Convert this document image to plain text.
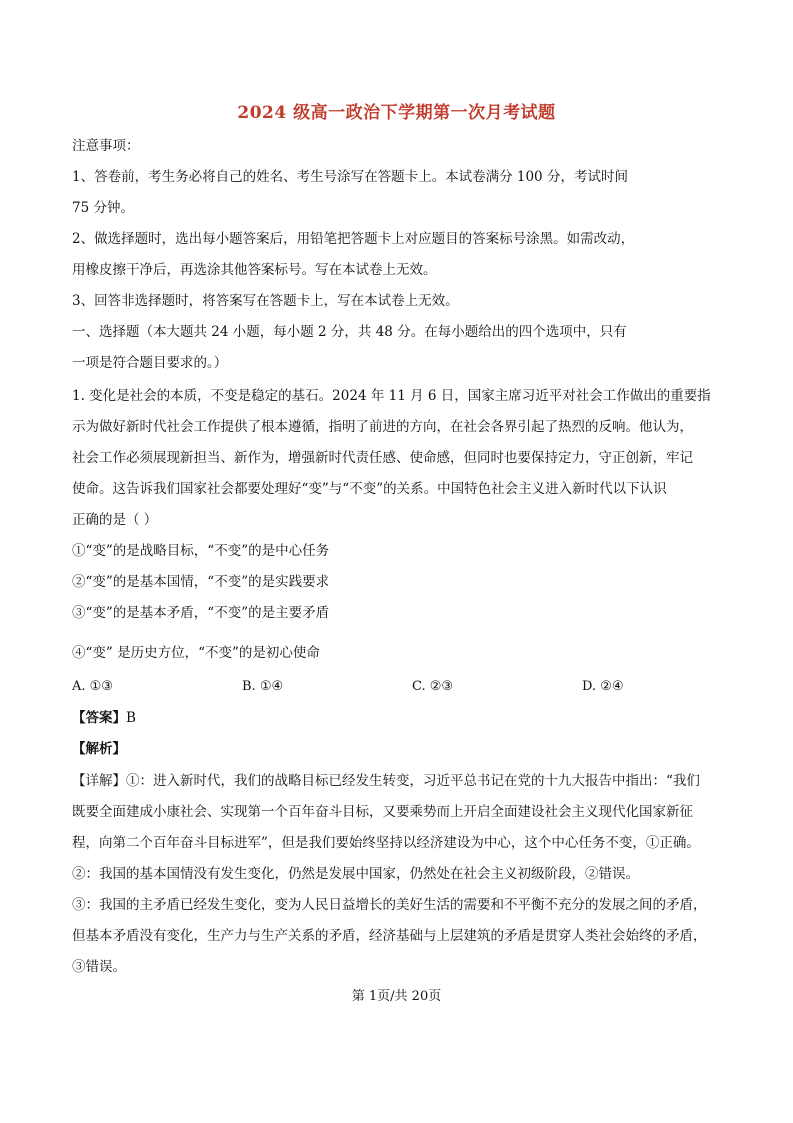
2024 级高一政治下学期第一次月考试题
注意事项：
1、答卷前，考生务必将自己的姓名、考生号涂写在答题卡上。本试卷满分 100 分，考试时间
75 分钟。
2、做选择题时，选出每小题答案后，用铅笔把答题卡上对应题目的答案标号涂黑。如需改动，
用橡皮擦干净后，再选涂其他答案标号。写在本试卷上无效。
3、回答非选择题时，将答案写在答题卡上，写在本试卷上无效。
一、选择题（本大题共 24 小题，每小题 2 分，共 48 分。在每小题给出的四个选项中，只有
一项是符合题目要求的。）
1. 变化是社会的本质，不变是稳定的基石。2024 年 11 月 6 日，国家主席习近平对社会工作做出的重要指
示为做好新时代社会工作提供了根本遵循，指明了前进的方向，在社会各界引起了热烈的反响。他认为，
社会工作必须展现新担当、新作为，增强新时代责任感、使命感，但同时也要保持定力，守正创新，牢记
使命。这告诉我们国家社会都要处理好“变”与“不变”的关系。中国特色社会主义进入新时代以下认识
正确的是（ ）
①“变”的是战略目标，“不变”的是中心任务
②“变”的是基本国情，“不变”的是实践要求
③“变”的是基本矛盾，“不变”的是主要矛盾
④“变” 是历史方位，“不变”的是初心使命
A. ①③	B. ①④	C. ②③	D. ②④
【答案】B
【解析】
【详解】①：进入新时代，我们的战略目标已经发生转变，习近平总书记在党的十九大报告中指出：“我们
既要全面建成小康社会、实现第一个百年奋斗目标，又要乘势而上开启全面建设社会主义现代化国家新征
程，向第二个百年奋斗目标进军”，但是我们要始终坚持以经济建设为中心，这个中心任务不变，①正确。
②：我国的基本国情没有发生变化，仍然是发展中国家，仍然处在社会主义初级阶段，②错误。
③：我国的主矛盾已经发生变化，变为人民日益增长的美好生活的需要和不平衡不充分的发展之间的矛盾，
但基本矛盾没有变化，生产力与生产关系的矛盾，经济基础与上层建筑的矛盾是贯穿人类社会始终的矛盾，
③错误。
第 1页/共 20页
